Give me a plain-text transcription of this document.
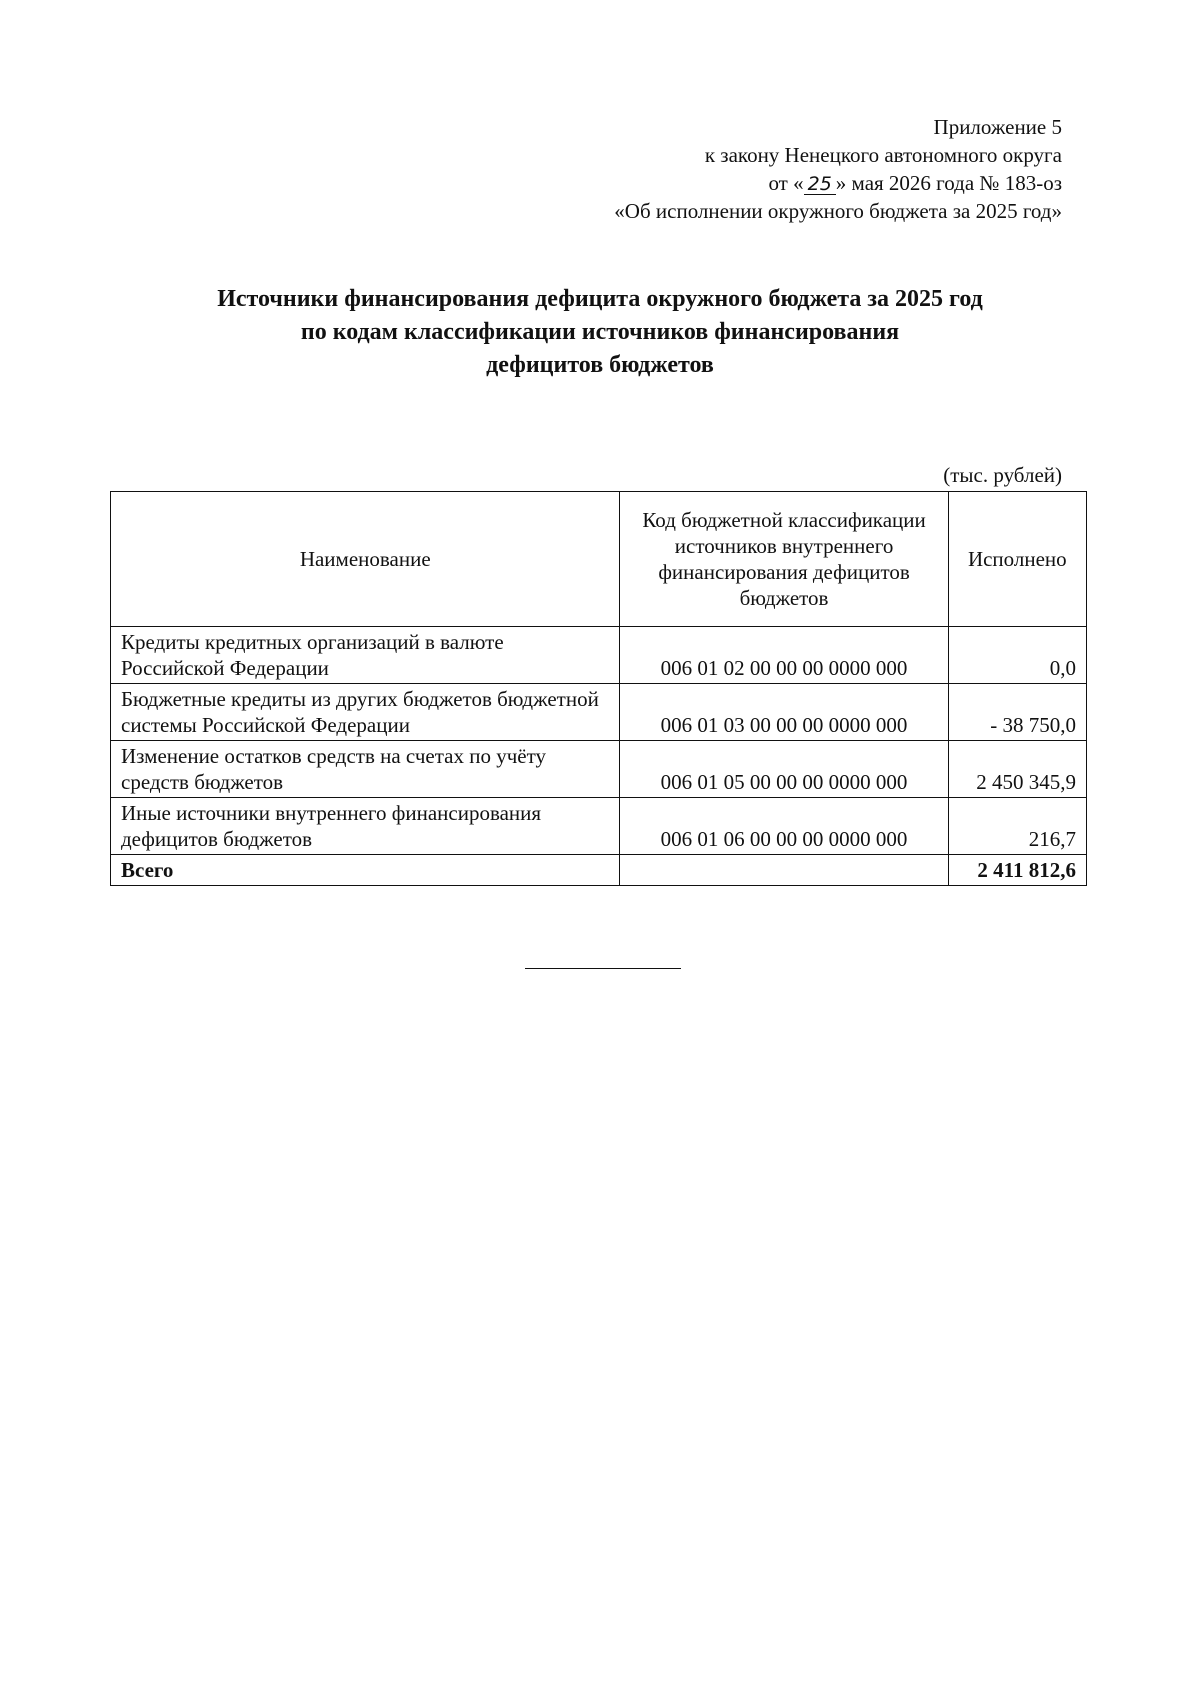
Приложение 5
к закону Ненецкого автономного округа
от « 25 » мая 2026 года № 183-оз
«Об исполнении окружного бюджета за 2025 год»
Источники финансирования дефицита окружного бюджета за 2025 год
по кодам классификации источников финансирования
дефицитов бюджетов
(тыс. рублей)
Наименование	Код бюджетной классификации источников внутреннего финансирования дефицитов бюджетов	Исполнено
Кредиты кредитных организаций в валюте Российской Федерации	006 01 02 00 00 00 0000 000	0,0
Бюджетные кредиты из других бюджетов бюджетной системы Российской Федерации	006 01 03 00 00 00 0000 000	- 38 750,0
Изменение остатков средств на счетах по учёту средств бюджетов	006 01 05 00 00 00 0000 000	2 450 345,9
Иные источники внутреннего финансирования дефицитов бюджетов	006 01 06 00 00 00 0000 000	216,7
Всего		2 411 812,6
